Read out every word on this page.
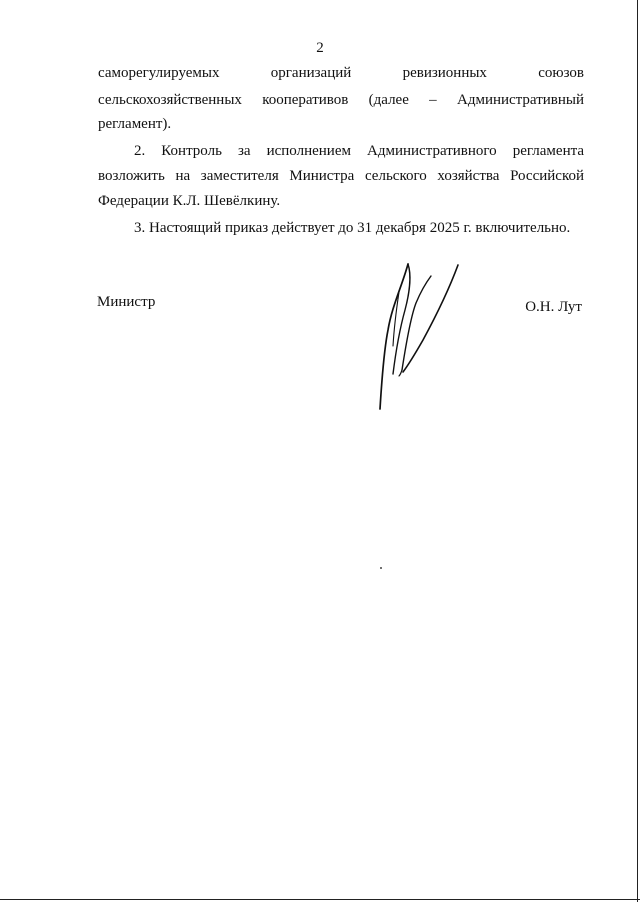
2
саморегулируемых организаций ревизионных союзов
сельскохозяйственных кооперативов (далее – Административный
регламент).
2. Контроль за исполнением Административного регламента
возложить на заместителя Министра сельского хозяйства Российской
Федерации К.Л. Шевёлкину.
3. Настоящий приказ действует до 31 декабря 2025 г. включительно.
Министр	О.Н. Лут
